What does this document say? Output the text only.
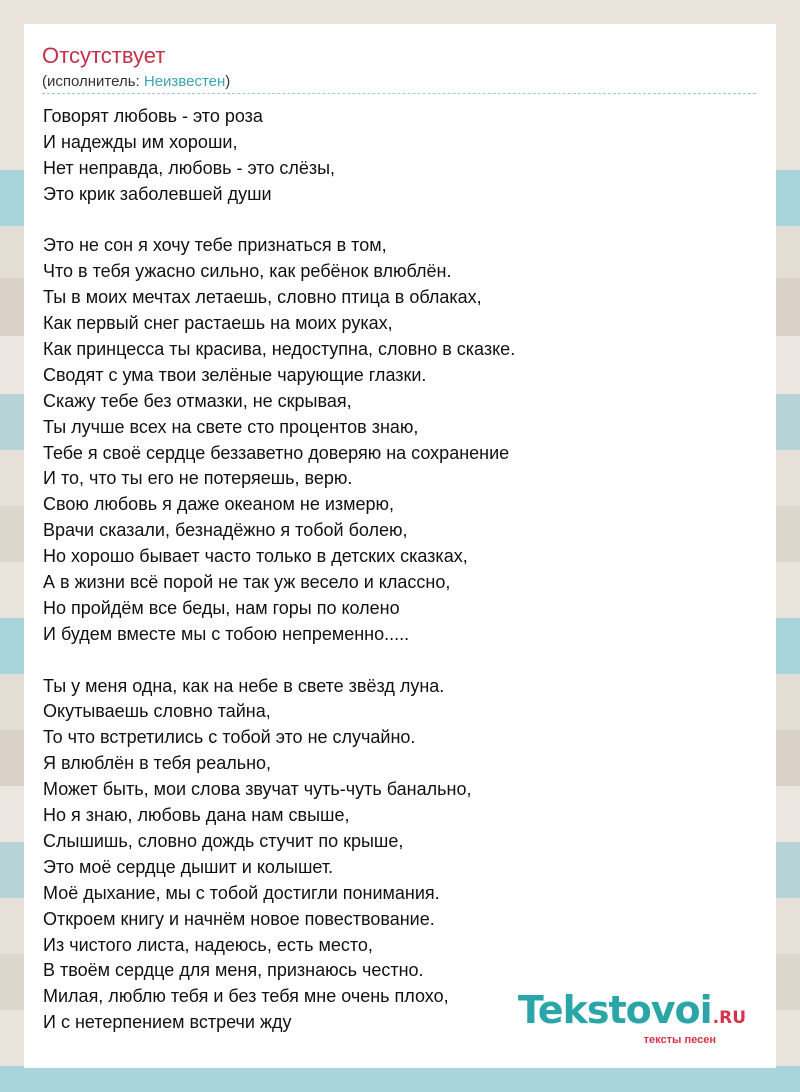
Отсутствует
(исполнитель: Неизвестен)
Говорят любовь - это роза
И надежды им хороши,
Нет неправда, любовь - это слёзы,
Это крик заболевшей души
Это не сон я хочу тебе признаться в том,
Что в тебя ужасно сильно, как ребёнок влюблён.
Ты в моих мечтах летаешь, словно птица в облаках,
Как первый снег растаешь на моих руках,
Как принцесса ты красива, недоступна, словно в сказке.
Сводят с ума твои зелёные чарующие глазки.
Скажу тебе без отмазки, не скрывая,
Ты лучше всех на свете сто процентов знаю,
Тебе я своё сердце беззаветно доверяю на сохранение
И то, что ты его не потеряешь, верю.
Свою любовь я даже океаном не измерю,
Врачи сказали, безнадёжно я тобой болею,
Но хорошо бывает часто только в детских сказках,
А в жизни всё порой не так уж весело и классно,
Но пройдём все беды, нам горы по колено
И будем вместе мы с тобою непременно.....
Ты у меня одна, как на небе в свете звёзд луна.
Окутываешь словно тайна,
То что встретились с тобой это не случайно.
Я влюблён в тебя реально,
Может быть, мои слова звучат чуть-чуть банально,
Но я знаю, любовь дана нам свыше,
Слышишь, словно дождь стучит по крыше,
Это моё сердце дышит и колышет.
Моё дыхание, мы с тобой достигли понимания.
Откроем книгу и начнём новое повествование.
Из чистого листа, надеюсь, есть место,
В твоём сердце для меня, признаюсь честно.
Милая, люблю тебя и без тебя мне очень плохо,
И с нетерпением встречи жду	Tekstovoi.RU
тексты песен
